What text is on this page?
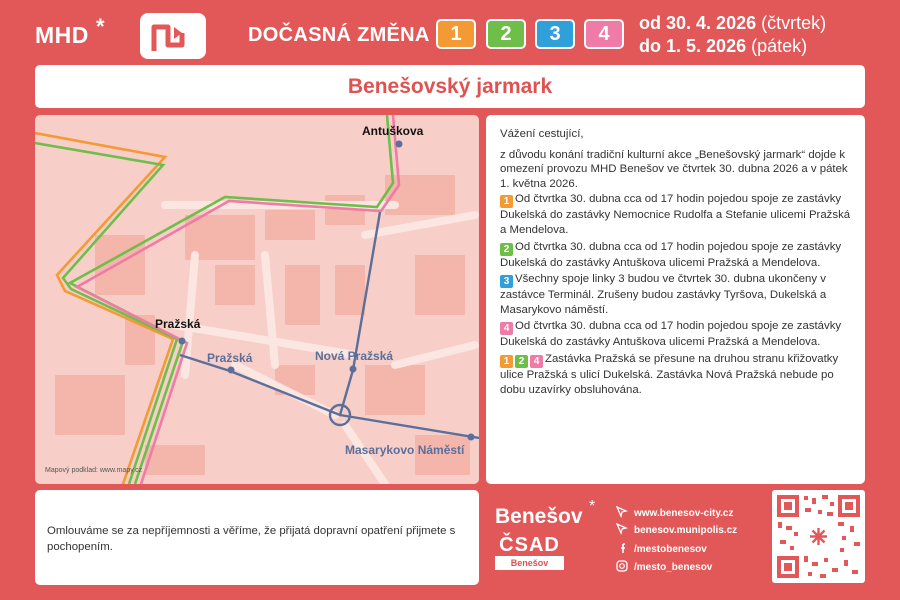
MHD *	DOČASNÁ ZMĚNA	1	2	3	4	od 30. 4. 2026 (čtvrtek)
do 1. 5. 2026 (pátek)
Benešovský jarmark
Antuškova
Pražská
Pražská	Nová Pražská
Masarykovo Náměstí
Mapový podklad: www.mapy.cz

Vážení cestující,

z důvodu konání tradiční kulturní akce „Benešovský jarmark“ dojde k omezení provozu MHD Benešov ve čtvrtek 30. dubna 2026 a v pátek 1. května 2026.

1 Od čtvrtka 30. dubna cca od 17 hodin pojedou spoje ze zastávky Dukelská do zastávky Nemocnice Rudolfa a Stefanie ulicemi Pražská a Mendelova.

2 Od čtvrtka 30. dubna cca od 17 hodin pojedou spoje ze zastávky Dukelská do zastávky Antuškova ulicemi Pražská a Mendelova.

3 Všechny spoje linky 3 budou ve čtvrtek 30. dubna ukončeny v zastávce Terminál. Zrušeny budou zastávky Tyršova, Dukelská a Masarykovo náměstí.

4 Od čtvrtka 30. dubna cca od 17 hodin pojedou spoje ze zastávky Dukelská do zastávky Antuškova ulicemi Pražská a Mendelova.

1 2 4 Zastávka Pražská se přesune na druhou stranu křižovatky ulice Pražská s ulicí Dukelská. Zastávka Nová Pražská nebude po dobu uzavírky obsluhována.

Omlouváme se za nepříjemnosti a věříme, že přijatá dopravní opatření přijmete s pochopením.

Benešov *
ČSAD
Benešov
www.benesov-city.cz
benesov.munipolis.cz
/mestobenesov
/mesto_benesov
